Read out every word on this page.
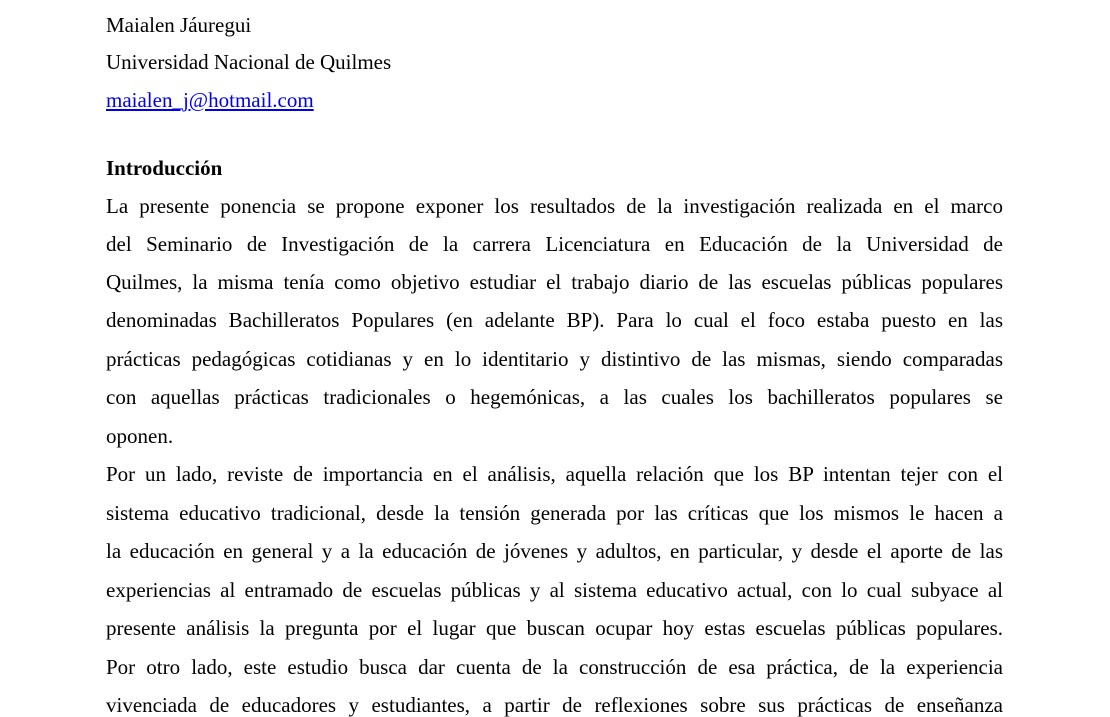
Maialen Jáuregui
Universidad Nacional de Quilmes
maialen_j@hotmail.com
Introducción
La presente ponencia se propone exponer los resultados de la investigación realizada en el marco
del Seminario de Investigación de la carrera Licenciatura en Educación de la Universidad de
Quilmes, la misma tenía como objetivo estudiar el trabajo diario de las escuelas públicas populares
denominadas Bachilleratos Populares (en adelante BP). Para lo cual el foco estaba puesto en las
prácticas pedagógicas cotidianas y en lo identitario y distintivo de las mismas, siendo comparadas
con aquellas prácticas tradicionales o hegemónicas, a las cuales los bachilleratos populares se
oponen.
Por un lado, reviste de importancia en el análisis, aquella relación que los BP intentan tejer con el
sistema educativo tradicional, desde la tensión generada por las críticas que los mismos le hacen a
la educación en general y a la educación de jóvenes y adultos, en particular, y desde el aporte de las
experiencias al entramado de escuelas públicas y al sistema educativo actual, con lo cual subyace al
presente análisis la pregunta por el lugar que buscan ocupar hoy estas escuelas públicas populares.
Por otro lado, este estudio busca dar cuenta de la construcción de esa práctica, de la experiencia
vivenciada de educadores y estudiantes, a partir de reflexiones sobre sus prácticas de enseñanza
